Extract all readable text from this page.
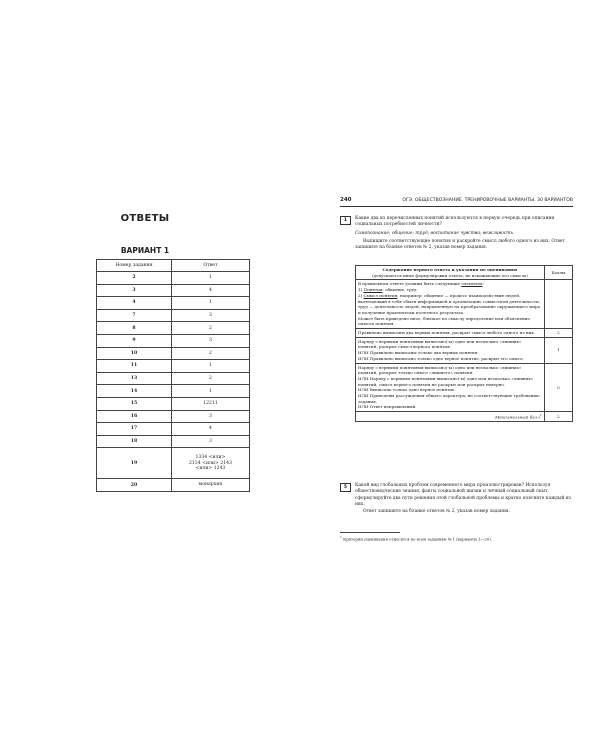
ОТВЕТЫ
ВАРИАНТ 1
Номер задания	Ответ
2	1
3	4
4	1
7	3
8	2
9	3
10	2
11	1
13	2
14	1
15	12211
16	3
17	4
18	3
19	1334 <или>
2134 <или> 2143
<или> 1243

20	монархия
240	ОГЭ. ОБЩЕСТВОЗНАНИЕ. ТРЕНИРОВОЧНЫЕ ВАРИАНТЫ. 30 ВАРИАНТОВ
1	Какие два из перечисленных понятий используются в первую очередь при описании социальных потребностей личности?

Самопознание; общение; труд; воспитание чувства; вежливость.

Выпишите соответствующие понятия и раскройте смысл любого одного из них. Ответ запишите на бланке ответов № 2, указав номер задания.

Содержание верного ответа и указания по оцениванию
(допускаются иные формулировки ответа, не искажающие его смысла)	Баллы

В правильном ответе должны быть следующие элементы:
1) Понятия: общение, труд.
2) Смысл понятия, например: общение — процесс взаимодействия людей, включающий в себя обмен информацией и организацию совместной деятельности; труд — деятельность людей, направленную на преобразование окружающего мира и получение практически полезного результата.
Может быть приведено иное, близкое по смыслу определение или объяснение смысла понятия.	

Правильно выписаны два верных понятия, раскрыт смысл любого одного из них.	2
Наряду с верными понятиями выписано(-ы) одно или несколько «лишних» понятий, раскрыт смысл верного понятия.
ИЛИ Правильно выписаны только два верных понятия.
ИЛИ Правильно выписано только одно верное понятие, раскрыт его смысл.	1
Наряду с верными понятиями выписано(-ы) одно или несколько «лишних» понятий, раскрыт только смысл «лишнего» понятия.
ИЛИ Наряду с верными понятиями выписано(-ы) одно или несколько «лишних» понятий, смысл верного понятия не раскрыт или раскрыт неверно.
ИЛИ Выписано только одно верное понятие.
ИЛИ Приведены рассуждения общего характера, не соответствующие требованию задания.
ИЛИ Ответ неправильный.	0
Максимальный балл$^1$	2
5	Какой вид глобальных проблем современного мира проиллюстрирован? Используя обществоведческие знания, факты социальной жизни и личный социальный опыт, сформулируйте два пути решения этой глобальной проблемы и кратко поясните каждый из них.

Ответ запишите на бланке ответов № 2, указав номер задания.

$^1$ Критерии оценивания относятся ко всем заданиям № 1 (варианты 1—20).
